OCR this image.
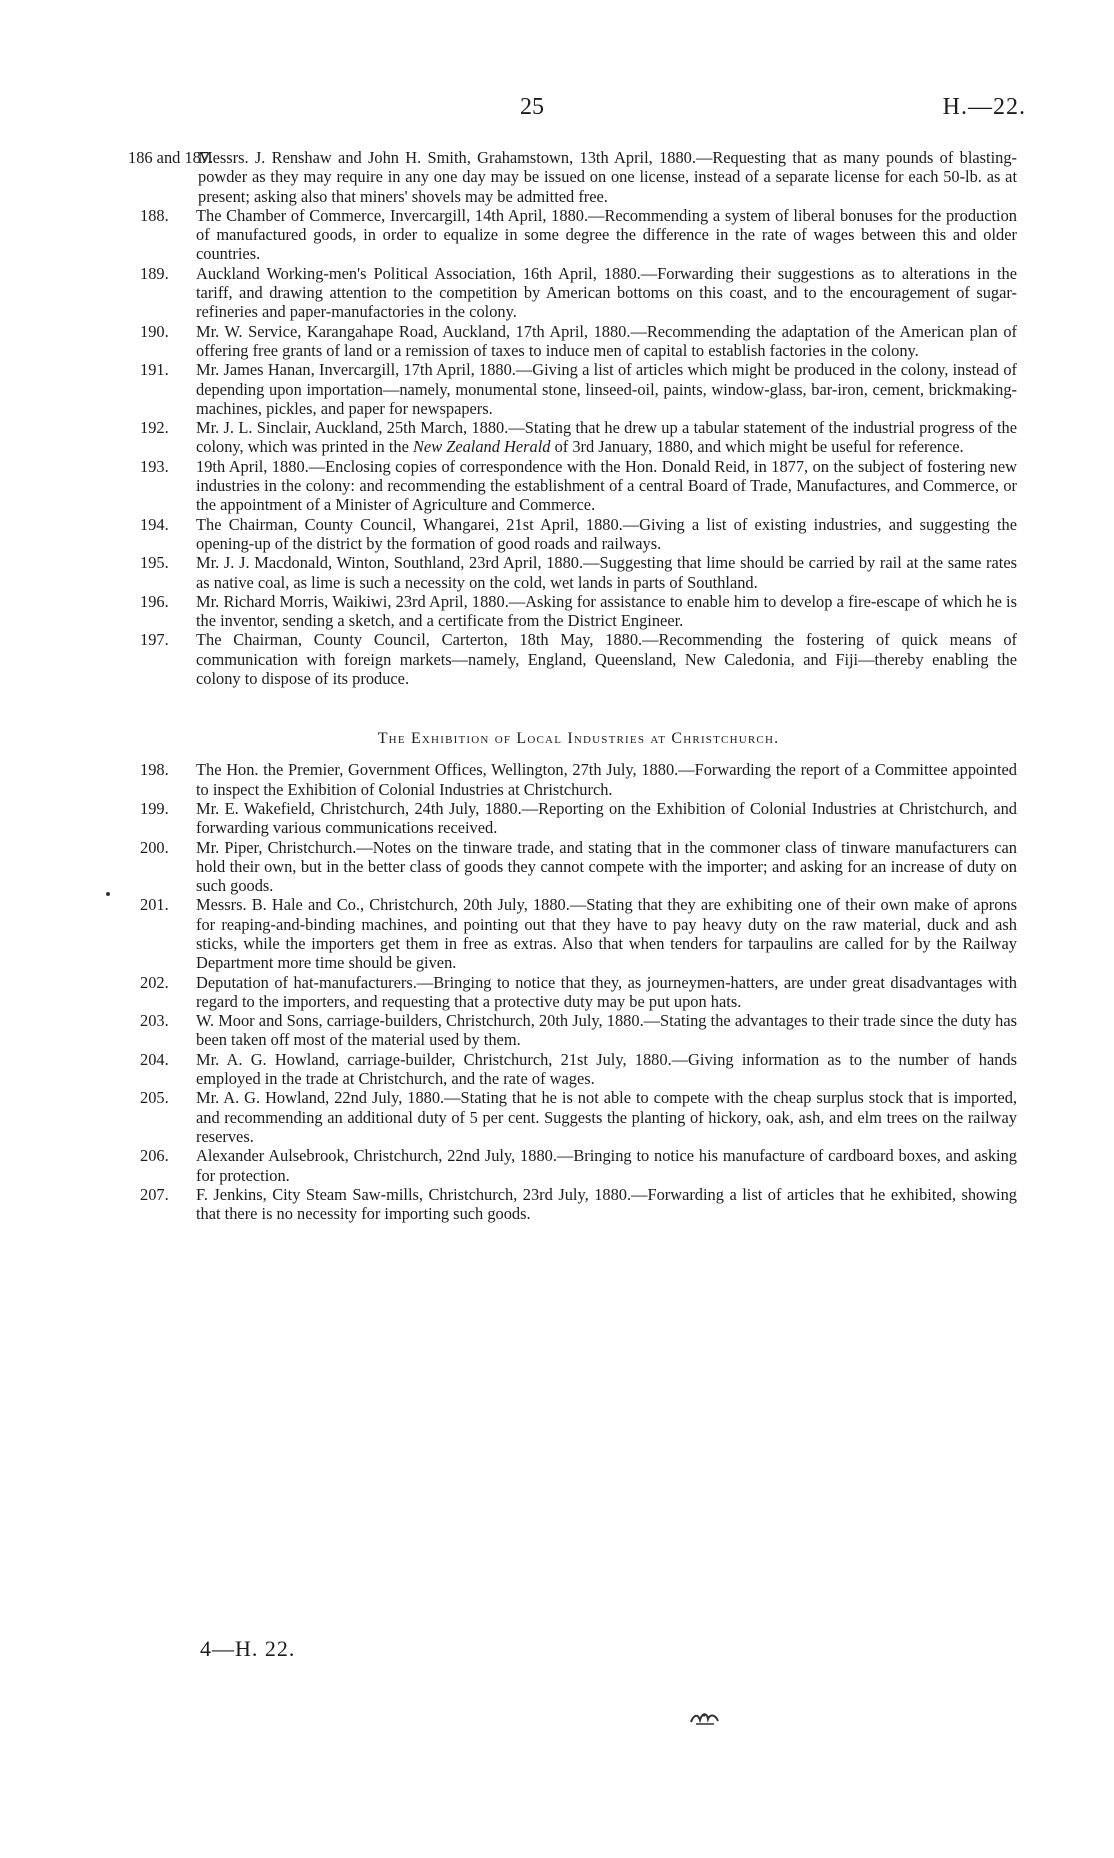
25	H.—22.
186 and 187.
Messrs. J. Renshaw and John H. Smith, Grahamstown, 13th April, 1880.—Requesting that as many pounds of blasting-powder as they may require in any one day may be issued on one license, instead of a separate license for each 50-lb. as at present; asking also that miners' shovels may be admitted free.
188. The Chamber of Commerce, Invercargill, 14th April, 1880.—Recommending a system of liberal bonuses for the production of manufactured goods, in order to equalize in some degree the difference in the rate of wages between this and older countries.
189. Auckland Working-men's Political Association, 16th April, 1880.—Forwarding their suggestions as to alterations in the tariff, and drawing attention to the competition by American bottoms on this coast, and to the encouragement of sugar-refineries and paper-manufactories in the colony.
190. Mr. W. Service, Karangahape Road, Auckland, 17th April, 1880.—Recommending the adaptation of the American plan of offering free grants of land or a remission of taxes to induce men of capital to establish factories in the colony.
191. Mr. James Hanan, Invercargill, 17th April, 1880.—Giving a list of articles which might be produced in the colony, instead of depending upon importation—namely, monumental stone, linseed-oil, paints, window-glass, bar-iron, cement, brickmaking-machines, pickles, and paper for newspapers.
192. Mr. J. L. Sinclair, Auckland, 25th March, 1880.—Stating that he drew up a tabular statement of the industrial progress of the colony, which was printed in the New Zealand Herald of 3rd January, 1880, and which might be useful for reference.
193. 19th April, 1880.—Enclosing copies of correspondence with the Hon. Donald Reid, in 1877, on the subject of fostering new industries in the colony: and recommending the establishment of a central Board of Trade, Manufactures, and Commerce, or the appointment of a Minister of Agriculture and Commerce.
194. The Chairman, County Council, Whangarei, 21st April, 1880.—Giving a list of existing industries, and suggesting the opening-up of the district by the formation of good roads and railways.
195. Mr. J. J. Macdonald, Winton, Southland, 23rd April, 1880.—Suggesting that lime should be carried by rail at the same rates as native coal, as lime is such a necessity on the cold, wet lands in parts of Southland.
196. Mr. Richard Morris, Waikiwi, 23rd April, 1880.—Asking for assistance to enable him to develop a fire-escape of which he is the inventor, sending a sketch, and a certificate from the District Engineer.
197. The Chairman, County Council, Carterton, 18th May, 1880.—Recommending the fostering of quick means of communication with foreign markets—namely, England, Queensland, New Caledonia, and Fiji—thereby enabling the colony to dispose of its produce.
The Exhibition of Local Industries at Christchurch.
198. The Hon. the Premier, Government Offices, Wellington, 27th July, 1880.—Forwarding the report of a Committee appointed to inspect the Exhibition of Colonial Industries at Christchurch.
199. Mr. E. Wakefield, Christchurch, 24th July, 1880.—Reporting on the Exhibition of Colonial Industries at Christchurch, and forwarding various communications received.
200. Mr. Piper, Christchurch.—Notes on the tinware trade, and stating that in the commoner class of tinware manufacturers can hold their own, but in the better class of goods they cannot compete with the importer; and asking for an increase of duty on such goods.
201. Messrs. B. Hale and Co., Christchurch, 20th July, 1880.—Stating that they are exhibiting one of their own make of aprons for reaping-and-binding machines, and pointing out that they have to pay heavy duty on the raw material, duck and ash sticks, while the importers get them in free as extras. Also that when tenders for tarpaulins are called for by the Railway Department more time should be given.
202. Deputation of hat-manufacturers.—Bringing to notice that they, as journeymen-hatters, are under great disadvantages with regard to the importers, and requesting that a protective duty may be put upon hats.
203. W. Moor and Sons, carriage-builders, Christchurch, 20th July, 1880.—Stating the advantages to their trade since the duty has been taken off most of the material used by them.
204. Mr. A. G. Howland, carriage-builder, Christchurch, 21st July, 1880.—Giving information as to the number of hands employed in the trade at Christchurch, and the rate of wages.
205. Mr. A. G. Howland, 22nd July, 1880.—Stating that he is not able to compete with the cheap surplus stock that is imported, and recommending an additional duty of 5 per cent. Suggests the planting of hickory, oak, ash, and elm trees on the railway reserves.
206. Alexander Aulsebrook, Christchurch, 22nd July, 1880.—Bringing to notice his manufacture of cardboard boxes, and asking for protection.
207. F. Jenkins, City Steam Saw-mills, Christchurch, 23rd July, 1880.—Forwarding a list of articles that he exhibited, showing that there is no necessity for importing such goods.
4—H. 22.
